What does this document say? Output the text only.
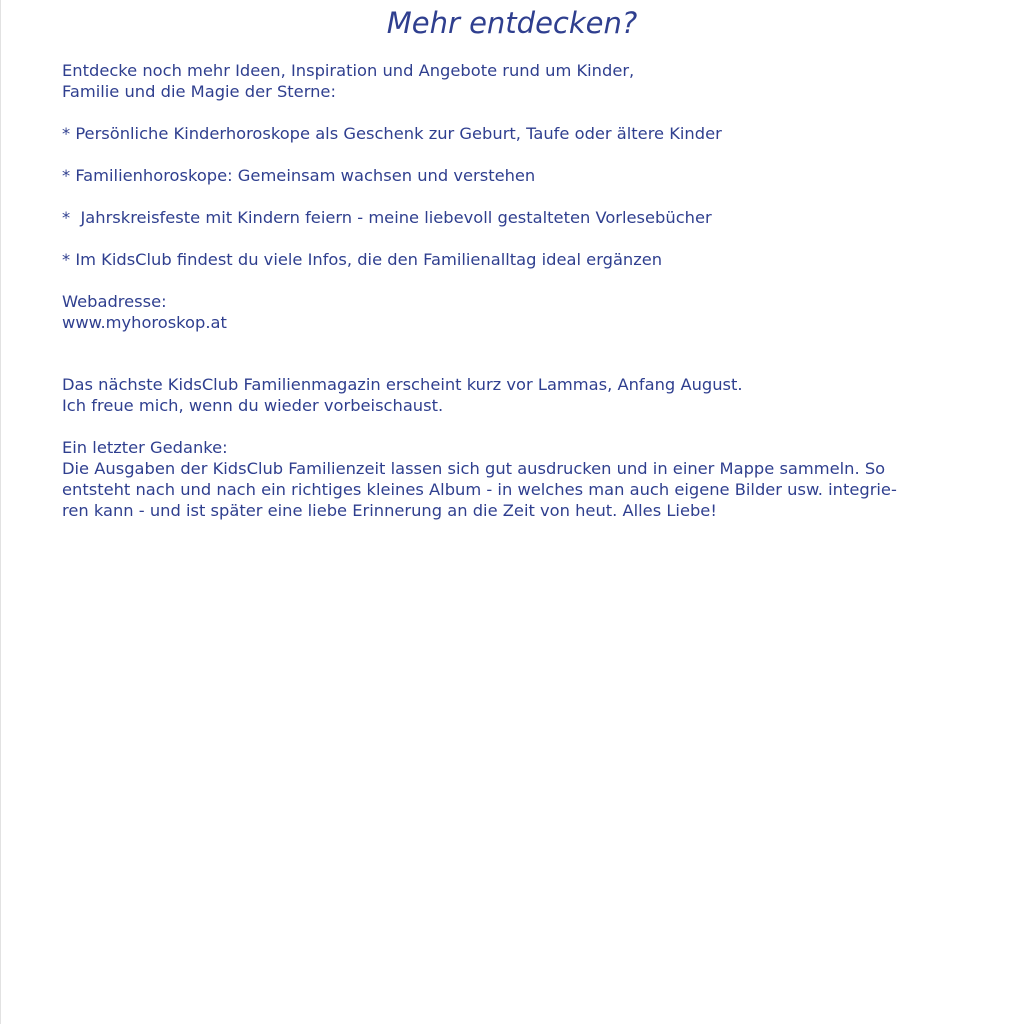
Mehr entdecken?
Entdecke noch mehr Ideen, Inspiration und Angebote rund um Kinder,
Familie und die Magie der Sterne:
* Persönliche Kinderhoroskope als Geschenk zur Geburt, Taufe oder ältere Kinder
* Familienhoroskope: Gemeinsam wachsen und verstehen
*  Jahrskreisfeste mit Kindern feiern - meine liebevoll gestalteten Vorlesebücher
* Im KidsClub findest du viele Infos, die den Familienalltag ideal ergänzen
Webadresse:
www.myhoroskop.at
Das nächste KidsClub Familienmagazin erscheint kurz vor Lammas, Anfang August.
Ich freue mich, wenn du wieder vorbeischaust.
Ein letzter Gedanke:
Die Ausgaben der KidsClub Familienzeit lassen sich gut ausdrucken und in einer Mappe sammeln. So
entsteht nach und nach ein richtiges kleines Album - in welches man auch eigene Bilder usw. integrie-
ren kann - und ist später eine liebe Erinnerung an die Zeit von heut. Alles Liebe!
